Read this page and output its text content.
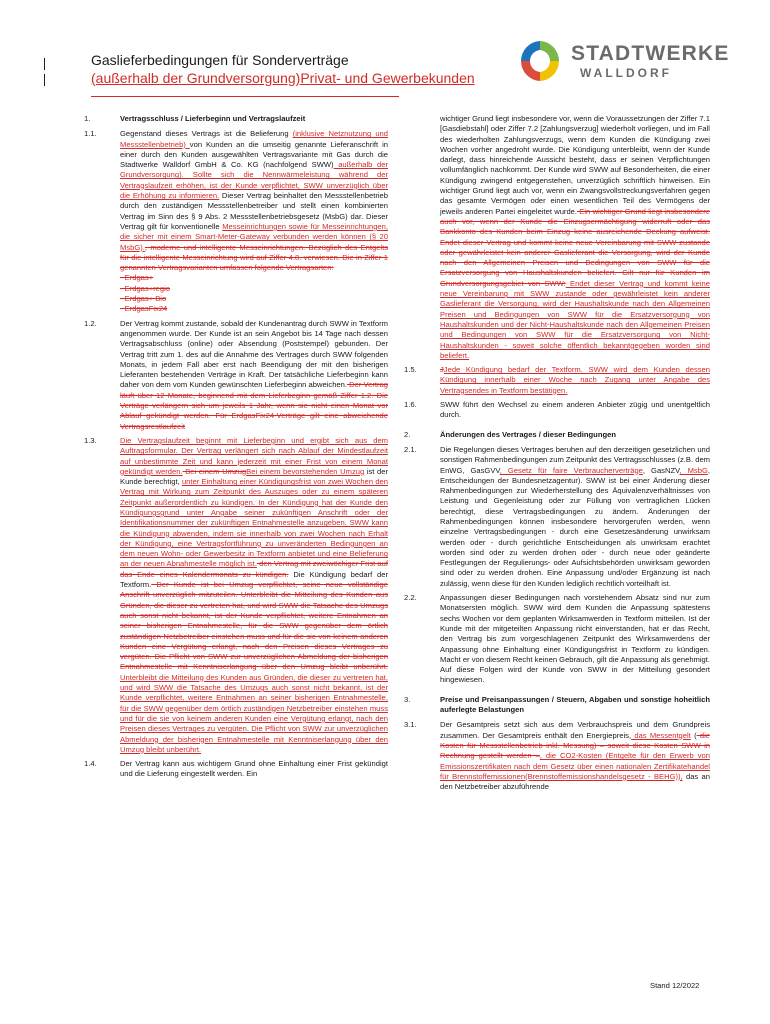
Gaslieferbedingungen für Sonderverträge
(außerhalb der Grundversorgung)Privat- und Gewerbekunden
STADTWERKE
WALLDORF
1.	Vertragsschluss / Lieferbeginn und Vertragslaufzeit
1.1.	Gegenstand dieses Vertrags ist die Belieferung (inklusive Netznutzung und Messstellenbetrieb) von Kunden an die umseitig genannte Lieferanschrift in einer durch den Kunden ausgewählten Vertragsvariante mit Gas durch die Stadtwerke Walldorf GmbH & Co. KG (nachfolgend SWW) außerhalb der Grundversorgung). Sollte sich die Nennwärmeleistung während der Vertragslaufzeit erhöhen, ist der Kunde verpflichtet, SWW unverzüglich über die Erhöhung zu informieren. Dieser Vertrag beinhaltet den Messstellenbetrieb durch den zuständigen Messstellenbetreiber und stellt einen kombinierten Vertrag im Sinn des § 9 Abs. 2 Messstellenbetriebsgesetz (MsbG) dar. Dieser Vertrag gilt für konventionelle Messeinrichtungen sowie für Messeinrichtungen, die sicher mit einem Smart-Meter-Gateway verbunden werden können (§ 20 MsbG)., moderne und intelligente Messeinrichtungen. Bezüglich des Entgelts für die intelligente Messeinrichtung wird auf Ziffer 4.8. verwiesen. Die in Ziffer 1 genannten Vertragsvarianten umfassen folgende Vertragsarten:
- Erdgas+
- Erdgas+regio
- Erdgas+ Bio
- ErdgasFix24
1.2.	Der Vertrag kommt zustande, sobald der Kundenantrag durch SWW in Textform angenommen wurde. Der Kunde ist an sein Angebot bis 14 Tage nach dessen Vertragsabschluss (online) oder Absendung (Poststempel) gebunden. Der Vertrag tritt zum 1. des auf die Annahme des Vertrages durch SWW folgenden Monats, in jedem Fall aber erst nach Beendigung der mit den bisherigen Lieferanten bestehenden Verträge in Kraft. Der tatsächliche Lieferbeginn kann daher von dem vom Kunden gewünschten Lieferbeginn abweichen. Der Vertrag läuft über 12 Monate, beginnend mit dem Lieferbeginn gemäß Ziffer 1.2. Die Verträge verlängern sich um jeweils 1 Jahr, wenn sie nicht einen Monat vor Ablauf gekündigt werden. Für ErdgasFix24-Verträge gilt eine abweichende Vertragsrestlaufzeit
1.3.	Die Vertragslaufzeit beginnt mit Lieferbeginn und ergibt sich aus dem Auftragsformular. Der Vertrag verlängert sich nach Ablauf der Mindestlaufzeit auf unbestimmte Zeit und kann jederzeit mit einer Frist von einem Monat gekündigt werden. Bei einem UmzugBei einem bevorstehenden Umzug ist der Kunde berechtigt, unter Einhaltung einer Kündigungsfrist von zwei Wochen den Vertrag mit Wirkung zum Zeitpunkt des Auszuges oder zu einem späteren Zeitpunkt außerordentlich zu kündigen. In der Kündigung hat der Kunde den Kündigungsgrund unter Angabe seiner zukünftigen Anschrift oder der Identifikationsnummer der zukünftigen Entnahmestelle anzugeben. SWW kann die Kündigung abwenden, indem sie innerhalb von zwei Wochen nach Erhalt der Kündigung, eine Vertragsfortführung zu unveränderten Bedingungen an dem neuen Wohn- oder Gewerbesitz in Textform anbietet und eine Belieferung an der neuen Abnahmestelle möglich ist. den Vertrag mit zweiwöchiger Frist auf das Ende eines Kalendermonats zu kündigen. Die Kündigung bedarf der Textform. Der Kunde ist bei Umzug verpflichtet, seine neue vollständige Anschrift unverzüglich mitzuteilen. Unterbleibt die Mitteilung des Kunden aus Gründen, die dieser zu vertreten hat, und wird SWW die Tatsache des Umzugs auch sonst nicht bekannt, ist der Kunde verpflichtet, weitere Entnahmen an seiner bisherigen Entnahmestelle, für die SWW gegenüber dem örtlich zuständigen Netzbetreiber einstehen muss und für die sie von keinem anderen Kunden eine Vergütung erlangt, nach den Preisen dieses Vertrages zu vergüten. Die Pflicht von SWW zur unverzüglichen Abmeldung der bisherigen Entnahmestelle mit Kenntniserlangung über den Umzug bleibt unberührt. Unterbleibt die Mitteilung des Kunden aus Gründen, die dieser zu vertreten hat, und wird SWW die Tatsache des Umzugs auch sonst nicht bekannt, ist der Kunde verpflichtet, weitere Entnahmen an seiner bisherigen Entnahmestelle, für die SWW gegenüber dem örtlich zuständigen Netzbetreiber einstehen muss und für die sie von keinem anderen Kunden eine Vergütung erlangt, nach den Preisen dieses Vertrages zu vergüten. Die Pflicht von SWW zur unverzüglichen Abmeldung der bisherigen Entnahmestelle mit Kenntniserlangung über den Umzug bleibt unberührt.
1.4.	Der Vertrag kann aus wichtigem Grund ohne Einhaltung einer Frist gekündigt und die Lieferung eingestellt werden. Ein
wichtiger Grund liegt insbesondere vor, wenn die Voraussetzungen der Ziffer 7.1 [Gasdiebstahl] oder Ziffer 7.2 [Zahlungsverzug] wiederholt vorliegen, und im Fall des wiederholten Zahlungsverzugs, wenn dem Kunden die Kündigung zwei Wochen vorher angedroht wurde. Die Kündigung unterbleibt, wenn der Kunde darlegt, dass hinreichende Aussicht besteht, dass er seinen Verpflichtungen vollumfänglich nachkommt. Der Kunde wird SWW auf Besonderheiten, die einer Kündigung zwingend entgegenstehen, unverzüglich schriftlich hinweisen. Ein wichtiger Grund liegt auch vor, wenn ein Zwangsvollstreckungsverfahren gegen das gesamte Vermögen oder einen wesentlichen Teil des Vermögens der jeweils anderen Partei eingeleitet wurde. Ein wichtiger Grund liegt insbesondere auch vor, wenn der Kunde die Einzugsermächtigung widerruft oder das Bankkonto des Kunden beim Einzug keine ausreichende Deckung aufweist. Endet dieser Vertrag und kommt keine neue Vereinbarung mit SWW zustande oder gewährleistet kein anderer Gaslieferant die Versorgung, wird der Kunde nach den Allgemeinen Preisen und Bedingungen von SWW für die Ersatzversorgung von Haushaltskunden beliefert. Gilt nur für Kunden im Grundversorgungsgebiet von SWW: Endet dieser Vertrag und kommt keine neue Vereinbarung mit SWW zustande oder gewährleistet kein anderer Gaslieferant die Versorgung, wird der Haushaltskunde nach den Allgemeinen Preisen und Bedingungen von SWW für die Ersatzversorgung von Haushaltskunden und der Nicht-Haushaltskunde nach den Allgemeinen Preisen und Bedingungen von SWW für die Ersatzversorgung von Nicht-Haushaltskunden - soweit solche öffentlich bekanntgegeben worden sind beliefert.
1.5.	JJede Kündigung bedarf der Textform. SWW wird dem Kunden dessen Kündigung innerhalb einer Woche nach Zugang unter Angabe des Vertragsendes in Textform bestätigen.
1.6.	SWW führt den Wechsel zu einem anderen Anbieter zügig und unentgeltlich durch.
2.	Änderungen des Vertrages / dieser Bedingungen
2.1.	Die Regelungen dieses Vertrages beruhen auf den derzeitigen gesetzlichen und sonstigen Rahmenbedingungen zum Zeitpunkt des Vertragsschlusses (z.B. dem EnWG, GasGVV, Gesetz für faire Verbraucherverträge, GasNZV, MsbG, Entscheidungen der Bundesnetzagentur). SWW ist bei einer Änderung dieser Rahmenbedingungen zur Wiederherstellung des Äquivalenzverhältnisses von Leistung und Gegenleistung oder zur Füllung von vertraglichen Lücken berechtigt, diese Vertragsbedingungen zu ändern. Änderungen der Rahmenbedingungen können insbesondere hervorgerufen werden, wenn einzelne Vertragsbedingungen - durch eine Gesetzesänderung unwirksam werden oder - durch gerichtliche Entscheidungen als unwirksam erachtet worden sind oder zu werden drohen oder - durch neue oder geänderte Festlegungen der Regulierungs- oder Aufsichtsbehörden unwirksam geworden sind oder zu werden drohen. Eine Anpassung und/oder Ergänzung ist nach zulässig, wenn diese für den Kunden lediglich rechtlich vorteilhaft ist.
2.2.	Anpassungen dieser Bedingungen nach vorstehendem Absatz sind nur zum Monatsersten möglich. SWW wird dem Kunden die Anpassung spätestens sechs Wochen vor dem geplanten Wirksamwerden in Textform mitteilen. Ist der Kunde mit der mitgeteilten Anpassung nicht einverstanden, hat er das Recht, den Vertrag bis zum vorgeschlagenen Zeitpunkt des Wirksamwerdens der Anpassung ohne Einhaltung einer Kündigungsfrist in Textform zu kündigen. Macht er von diesem Recht keinen Gebrauch, gilt die Anpassung als genehmigt. Auf diese Folgen wird der Kunde von SWW in der Mitteilung gesondert hingewiesen.
3.	Preise und Preisanpassungen / Steuern, Abgaben und sonstige hoheitlich auferlegte Belastungen
3.1.	Der Gesamtpreis setzt sich aus dem Verbrauchspreis und dem Grundpreis zusammen. Der Gesamtpreis enthält den Energiepreis, das Messentgelt ( die Kosten für Messstellenbetrieb inkl. Messung) – soweit diese Kosten SWW in Rechnung gestellt werden –, die CO2-Kosten (Entgelte für den Erwerb von Emissionszertifikaten nach dem Gesetz über einen nationalen Zertifikatehandel für Brennstoffemissionen(Brennstoffemissionshandelsgesetz - BEHG)), das an den Netzbetreiber abzuführende
Stand 12/2022
